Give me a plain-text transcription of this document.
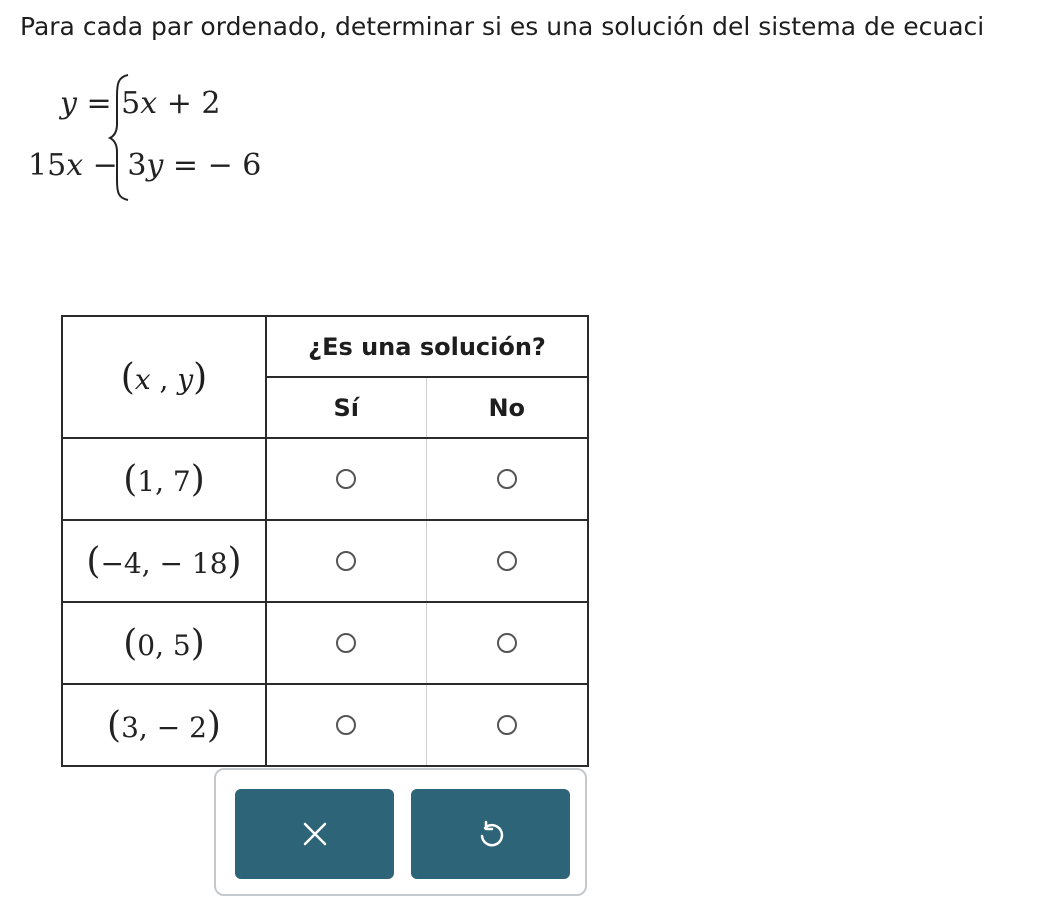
Para cada par ordenado, determinar si es una solución del sistema de ecuaci
y = 5x + 2
15x − 3y = − 6
(x , y)	¿Es una solución?	
	Sí	No
(1, 7)		
(−4, − 18)		
(0, 5)		
(3, − 2)		
